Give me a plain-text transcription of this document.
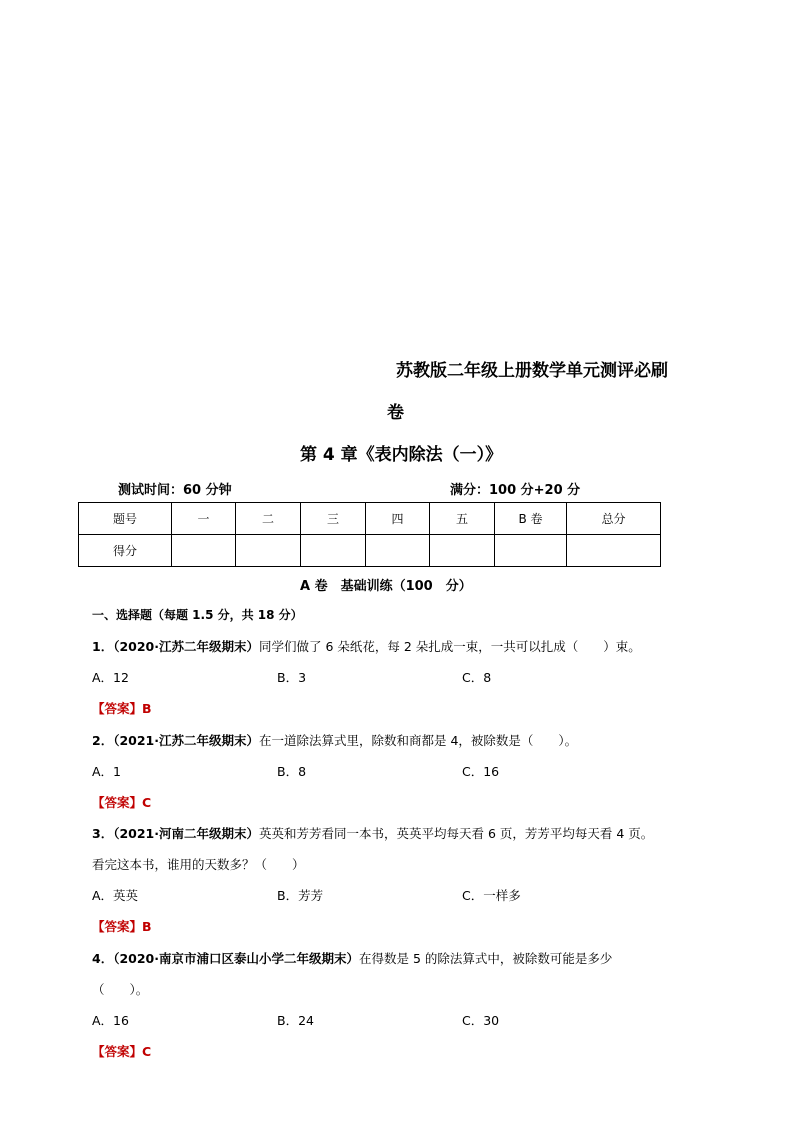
苏教版二年级上册数学单元测评必刷
卷
第 4 章《表内除法（一）》
测试时间：60 分钟	满分：100 分+20 分
题号	一	二	三	四	五	B 卷	总分
得分							
A 卷　基础训练（100　分）
一、选择题（每题 1.5 分，共 18 分）
1．（2020·江苏二年级期末）同学们做了 6 朵纸花，每 2 朵扎成一束，一共可以扎成（　　）束。
A．12	B．3	C．8
【答案】B
2．（2021·江苏二年级期末）在一道除法算式里，除数和商都是 4，被除数是（　　）。
A．1	B．8	C．16
【答案】C
3．（2021·河南二年级期末）英英和芳芳看同一本书，英英平均每天看 6 页，芳芳平均每天看 4 页。
看完这本书，谁用的天数多？（　　）
A．英英	B．芳芳	C．一样多
【答案】B
4．（2020·南京市浦口区泰山小学二年级期末）在得数是 5 的除法算式中，被除数可能是多少
（　　）。
A．16	B．24	C．30
【答案】C
